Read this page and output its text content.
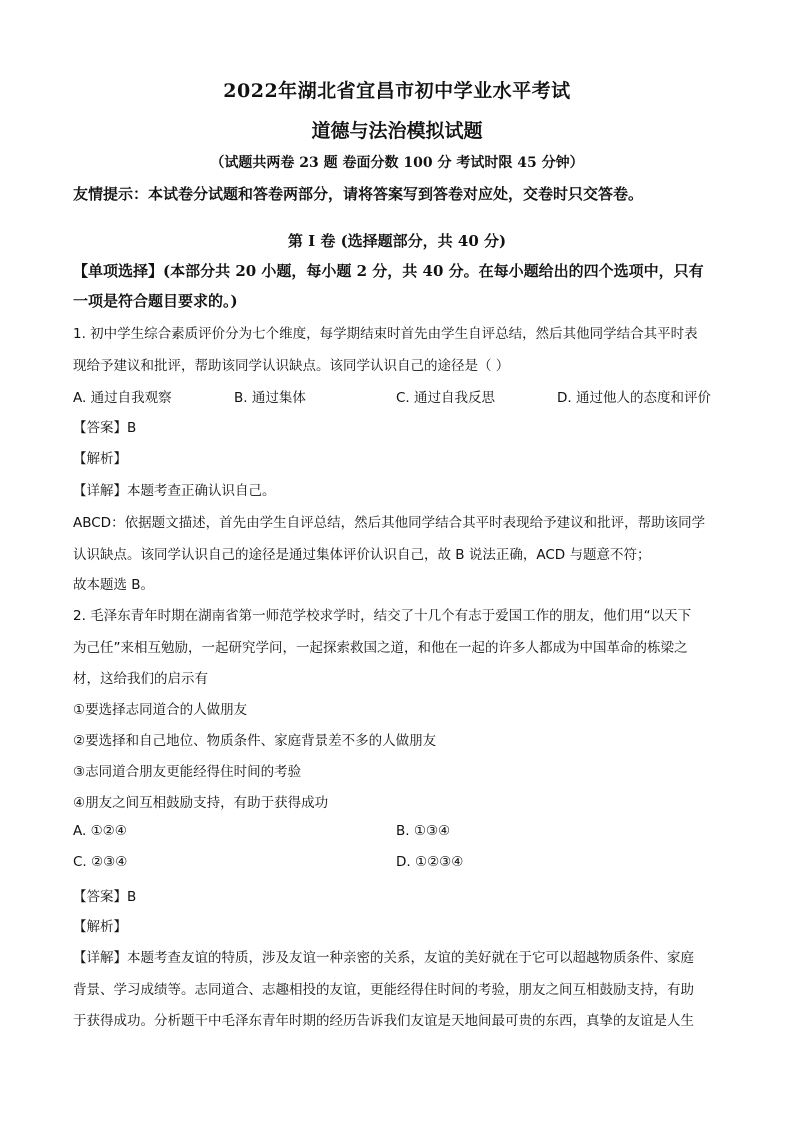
2022年湖北省宜昌市初中学业水平考试
道德与法治模拟试题
（试题共两卷 23 题 卷面分数 100 分 考试时限 45 分钟）
友情提示：本试卷分试题和答卷两部分，请将答案写到答卷对应处，交卷时只交答卷。
第 I 卷 (选择题部分，共 40 分)
【单项选择】(本部分共 20 小题，每小题 2 分，共 40 分。在每小题给出的四个选项中，只有
一项是符合题目要求的。)
1. 初中学生综合素质评价分为七个维度，每学期结束时首先由学生自评总结，然后其他同学结合其平时表
现给予建议和批评，帮助该同学认识缺点。该同学认识自己的途径是（ ）
A. 通过自我观察	B. 通过集体	C. 通过自我反思	D. 通过他人的态度和评价
【答案】B
【解析】
【详解】本题考查正确认识自己。
ABCD：依据题文描述，首先由学生自评总结，然后其他同学结合其平时表现给予建议和批评，帮助该同学
认识缺点。该同学认识自己的途径是通过集体评价认识自己，故 B 说法正确，ACD 与题意不符；
故本题选 B。
2. 毛泽东青年时期在湖南省第一师范学校求学时，结交了十几个有志于爱国工作的朋友，他们用“以天下
为己任”来相互勉励，一起研究学问，一起探索救国之道，和他在一起的许多人都成为中国革命的栋梁之
材，这给我们的启示有
①要选择志同道合的人做朋友
②要选择和自己地位、物质条件、家庭背景差不多的人做朋友
③志同道合朋友更能经得住时间的考验
④朋友之间互相鼓励支持，有助于获得成功
A. ①②④	B. ①③④
C. ②③④	D. ①②③④
【答案】B
【解析】
【详解】本题考查友谊的特质，涉及友谊一种亲密的关系，友谊的美好就在于它可以超越物质条件、家庭
背景、学习成绩等。志同道合、志趣相投的友谊，更能经得住时间的考验，朋友之间互相鼓励支持，有助
于获得成功。分析题干中毛泽东青年时期的经历告诉我们友谊是天地间最可贵的东西，真挚的友谊是人生
